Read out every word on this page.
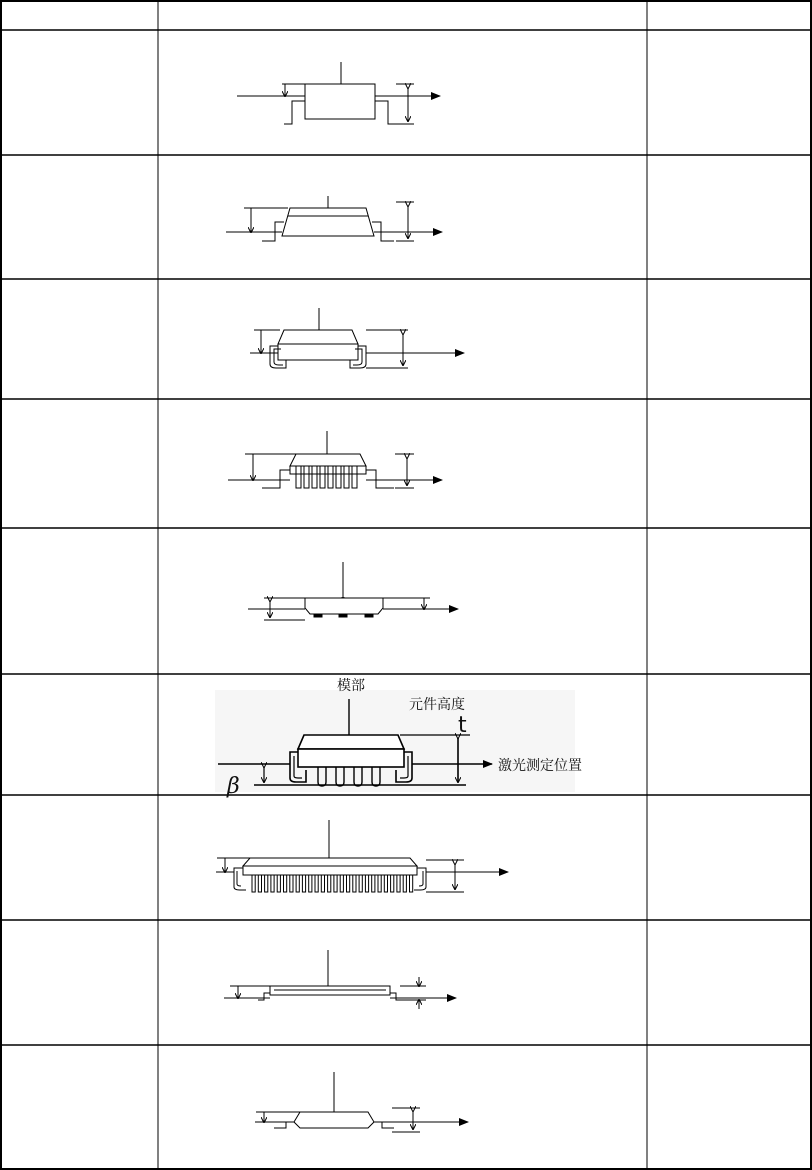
模部
元件高度
t
激光测定位置
β
